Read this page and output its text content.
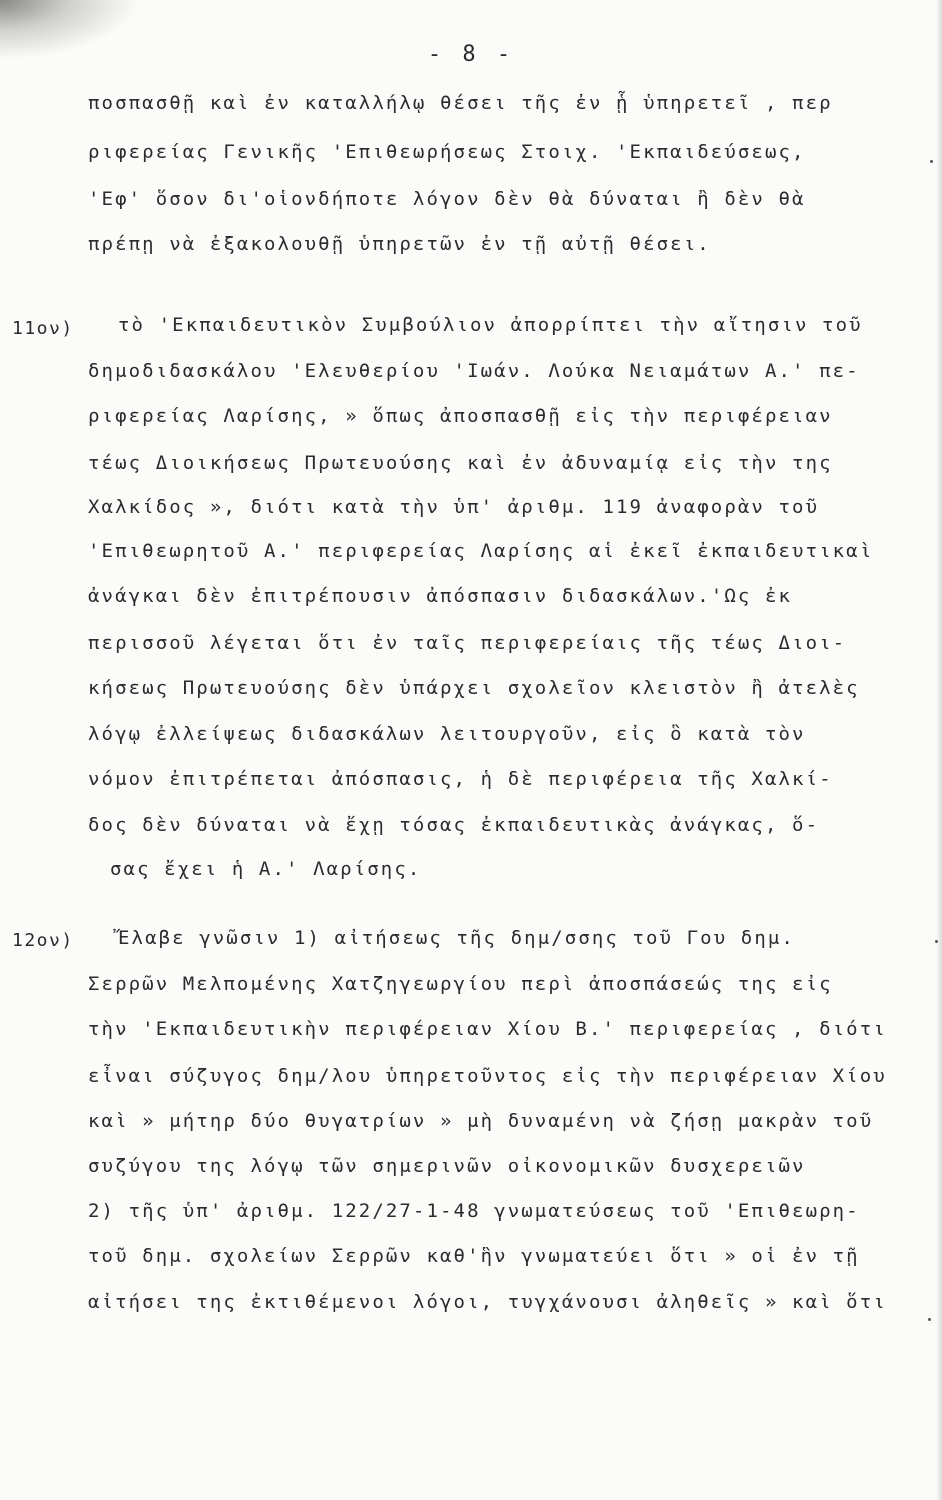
- 8 -
ποσπασθῇ καὶ ἐν καταλλήλῳ θέσει τῆς ἐν ᾗ ὑπηρετεῖ , περ
ριφερείας Γενικῆς 'Επιθεωρήσεως Στοιχ. 'Εκπαιδεύσεως,
'Εφ' ὅσον δι'οἱονδήποτε λόγον δὲν θὰ δύναται ἢ δὲν θὰ
πρέπῃ νὰ ἐξακολουθῇ ὑπηρετῶν ἐν τῇ αὐτῇ θέσει.
11ον) τὸ 'Εκπαιδευτικὸν Συμβούλιον ἀπορρίπτει τὴν αἴτησιν τοῦ
δημοδιδασκάλου 'Ελευθερίου 'Ιωάν. Λούκα Νειαμάτων Α.' πε-
ριφερείας Λαρίσης, » ὅπως ἀποσπασθῇ εἰς τὴν περιφέρειαν
τέως Διοικήσεως Πρωτευούσης καὶ ἐν ἀδυναμίᾳ εἰς τὴν της
Χαλκίδος », διότι κατὰ τὴν ὑπ' ἀριθμ. 119 ἀναφορὰν τοῦ
'Επιθεωρητοῦ Α.' περιφερείας Λαρίσης αἱ ἐκεῖ ἐκπαιδευτικαὶ
ἀνάγκαι δὲν ἐπιτρέπουσιν ἀπόσπασιν διδασκάλων.'Ως ἐκ
περισσοῦ λέγεται ὅτι ἐν ταῖς περιφερείαις τῆς τέως Διοι-
κήσεως Πρωτευούσης δὲν ὑπάρχει σχολεῖον κλειστὸν ἢ ἀτελὲς
λόγῳ ἐλλείψεως διδασκάλων λειτουργοῦν, εἰς ὃ κατὰ τὸν
νόμον ἐπιτρέπεται ἀπόσπασις, ἡ δὲ περιφέρεια τῆς Χαλκί-
δος δὲν δύναται νὰ ἔχῃ τόσας ἐκπαιδευτικὰς ἀνάγκας, ὅ-
σας ἔχει ἡ Α.' Λαρίσης.
12ον) Ἔλαβε γνῶσιν 1) αἰτήσεως τῆς δημ/σσης τοῦ Γου δημ.
Σερρῶν Μελπομένης Χατζηγεωργίου περὶ ἀποσπάσεώς της εἰς
τὴν 'Εκπαιδευτικὴν περιφέρειαν Χίου Β.' περιφερείας , διότι
εἶναι σύζυγος δημ/λου ὑπηρετοῦντος εἰς τὴν περιφέρειαν Χίου
καὶ » μήτηρ δύο θυγατρίων » μὴ δυναμένη νὰ ζήσῃ μακρὰν τοῦ
συζύγου της λόγῳ τῶν σημερινῶν οἰκονομικῶν δυσχερειῶν
2) τῆς ὑπ' ἀριθμ. 122/27-1-48 γνωματεύσεως τοῦ 'Επιθεωρη-
τοῦ δημ. σχολείων Σερρῶν καθ'ἣν γνωματεύει ὅτι » οἱ ἐν τῇ
αἰτήσει της ἐκτιθέμενοι λόγοι, τυγχάνουσι ἀληθεῖς » καὶ ὅτι
